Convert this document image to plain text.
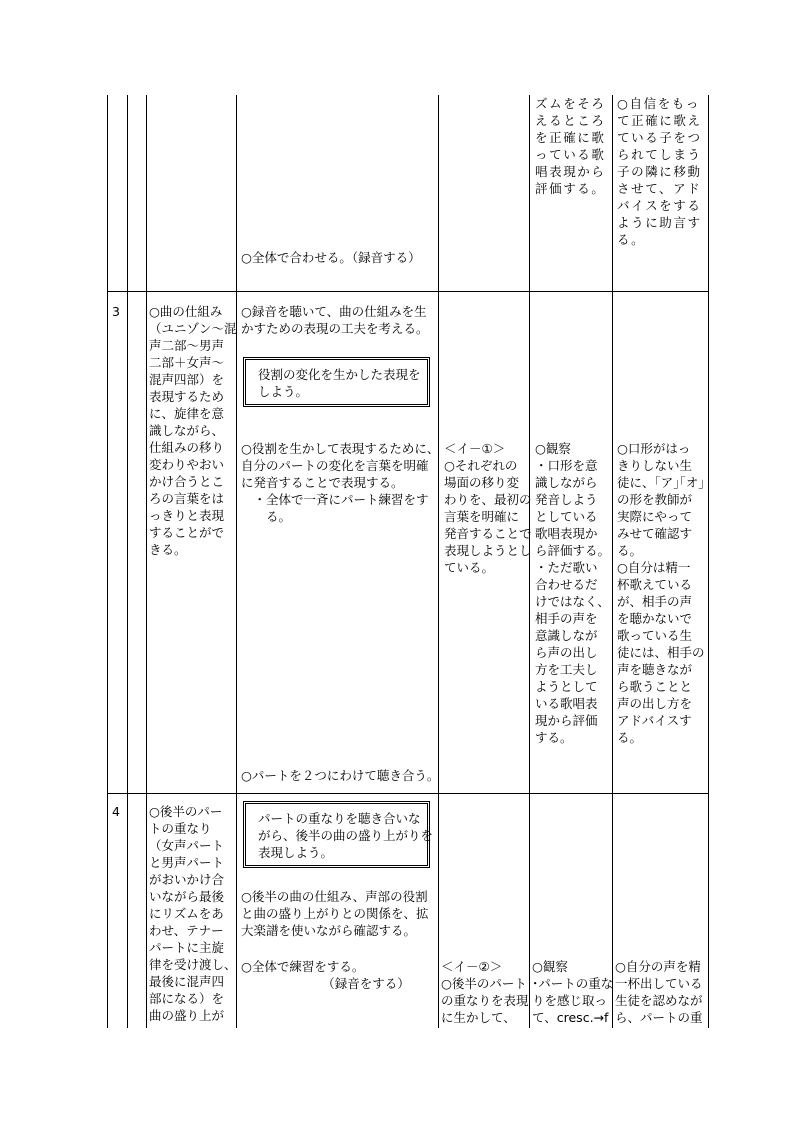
○全体で合わせる。（録音する）
ズムをそろ
えるところ
を正確に歌
っている歌
唱表現から
評価する。
○自信をもっ
て正確に歌え
ている子をつ
られてしまう
子の隣に移動
させて、アド
バイスをする
ように助言す
る。
3 ○曲の仕組み
（ユニゾン～混
声二部～男声
二部＋女声～
混声四部）を
表現するため
に、旋律を意
識しながら、
仕組みの移り
変わりやおい
かけ合うとこ
ろの言葉をは
っきりと表現
することがで
きる。
○録音を聴いて、曲の仕組みを生
かすための表現の工夫を考える。
役割の変化を生かした表現を
しよう。
○役割を生かして表現するために、
自分のパートの変化を言葉を明確
に発音することで表現する。
　・全体で一斉にパート練習をす
　　る。
○パートを２つにわけて聴き合う。
＜イ－①＞
○それぞれの
場面の移り変
わりを、最初の
言葉を明確に
発音することで
表現しようとし
ている。
○観察
・口形を意
識しながら
発音しよう
としている
歌唱表現か
ら評価する。
・ただ歌い
合わせるだ
けではなく、
相手の声を
意識しなが
ら声の出し
方を工夫し
ようとして
いる歌唱表
現から評価
する。
○口形がはっ
きりしない生
徒に、｢ア｣｢オ｣
の形を教師が
実際にやって
みせて確認す
る。
○自分は精一
杯歌えている
が、相手の声
を聴かないで
歌っている生
徒には、相手の
声を聴きなが
ら歌うことと
声の出し方を
アドバイスす
る。
4 ○後半のパー
トの重なり
（女声パート
と男声パート
がおいかけ合
いながら最後
にリズムをあ
わせ、テナー
パートに主旋
律を受け渡し、
最後に混声四
部になる）を
曲の盛り上が
パートの重なりを聴き合いな
がら、後半の曲の盛り上がりを
表現しよう。
○後半の曲の仕組み、声部の役割
と曲の盛り上がりとの関係を、拡
大楽譜を使いながら確認する。
○全体で練習をする。
　　　　　　　（録音をする）
＜イ－②＞
○後半のパート
の重なりを表現
に生かして、
○観察
･パートの重な
りを感じ取っ
て、cresc.→f
○自分の声を精
一杯出している
生徒を認めなが
ら、パートの重
